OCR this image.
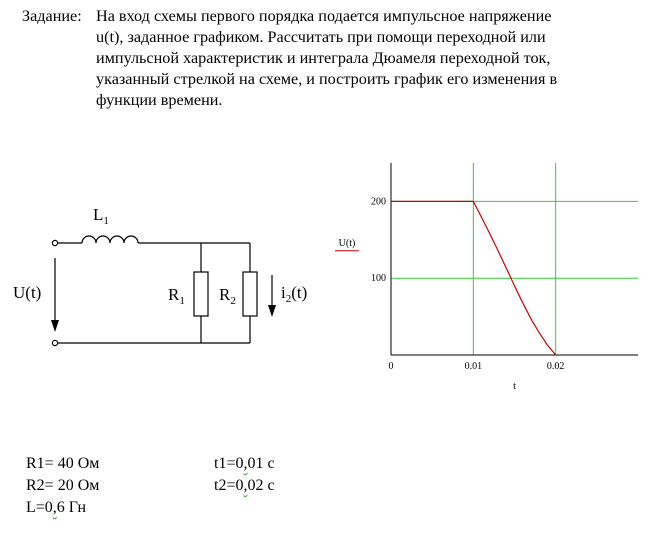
Задание: На вход схемы первого порядка подается импульсное напряжение
u(t), заданное графиком. Рассчитать при помощи переходной или
импульсной характеристик и интеграла Дюамеля переходной ток,
указанный стрелкой на схеме, и построить график его изменения в
функции времени.
U(t)
$L_1$
$R_1$ $R_2$	$i_2(t)$
0	0.01	0.02
100
200
t
U(t)
R1= 40 Ом
R2= 20 Ом
L=0,6 Гн
t1=0,01 с
t2=0,02 с
